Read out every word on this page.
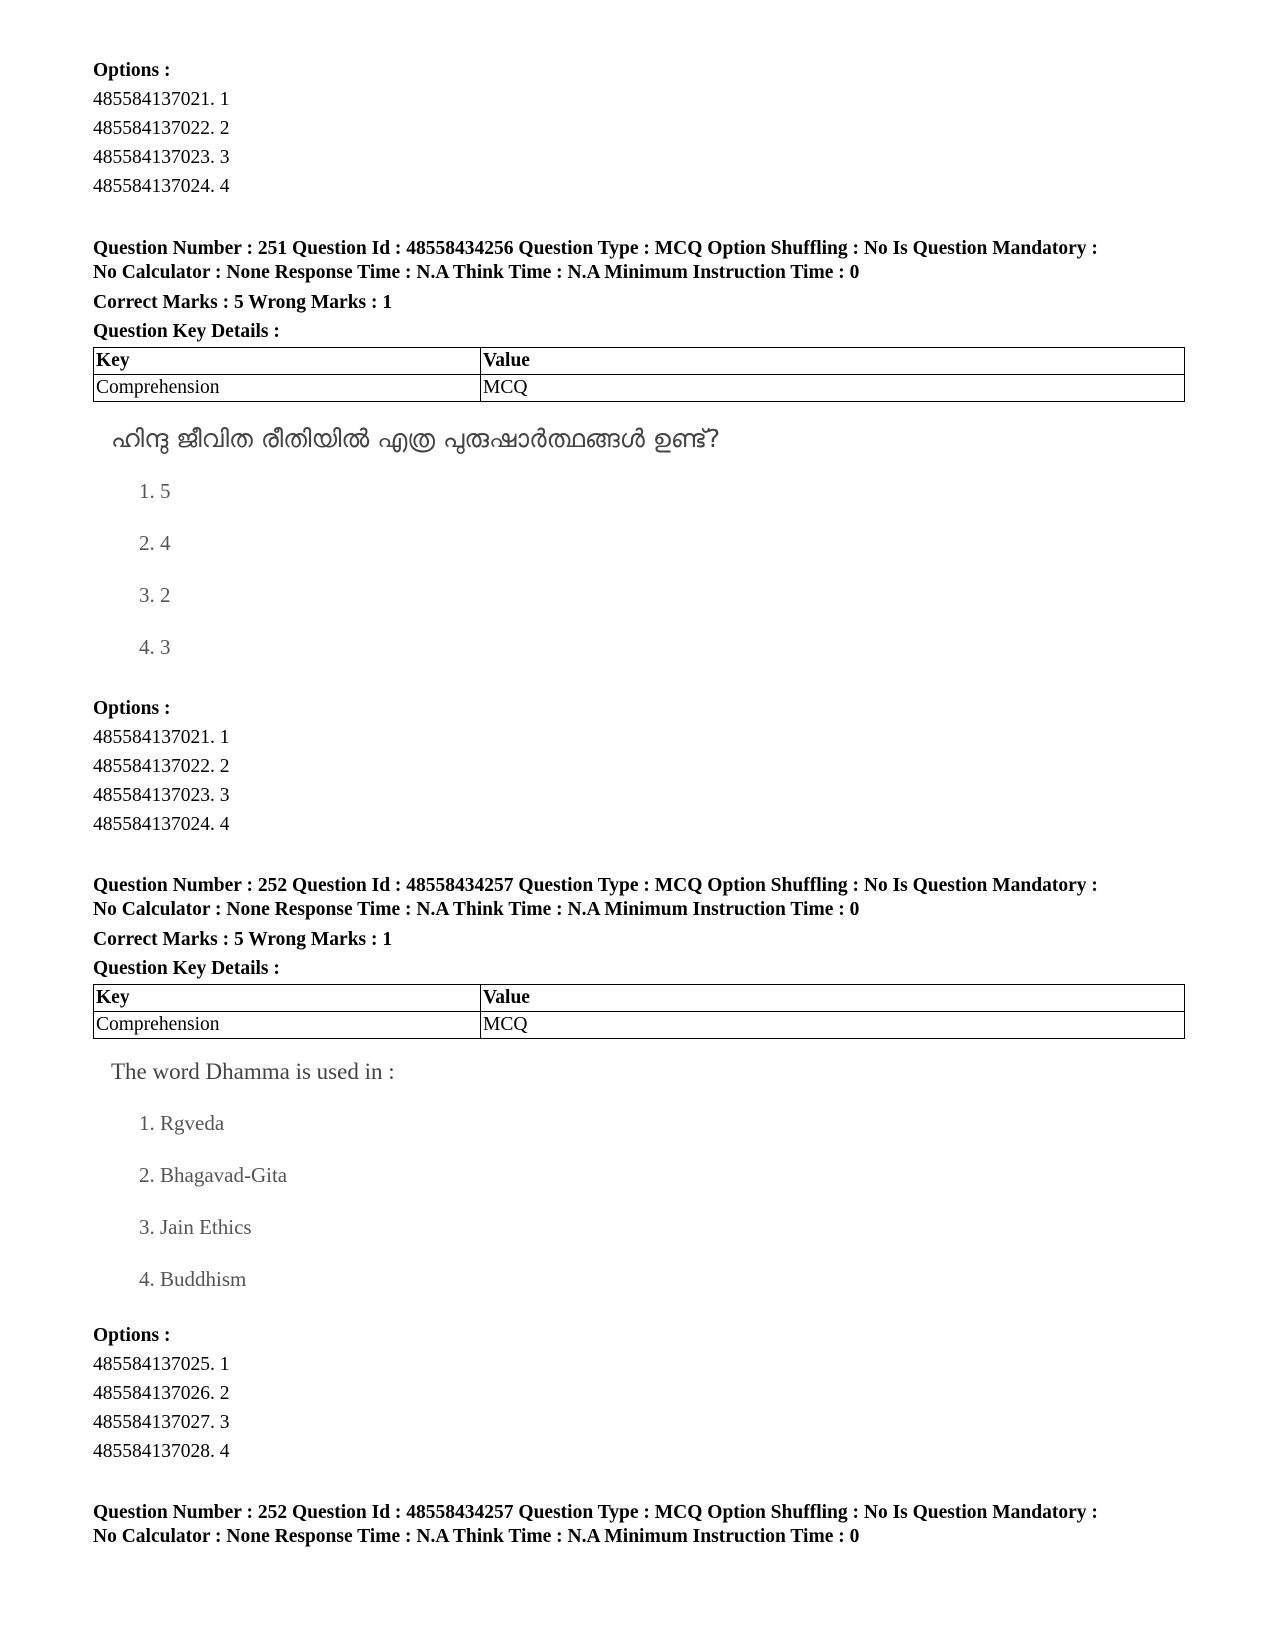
Options :
485584137021. 1
485584137022. 2
485584137023. 3
485584137024. 4
Question Number : 251 Question Id : 48558434256 Question Type : MCQ Option Shuffling : No Is Question Mandatory :
No Calculator : None Response Time : N.A Think Time : N.A Minimum Instruction Time : 0
Correct Marks : 5 Wrong Marks : 1
Question Key Details :
Key	Value
Comprehension	MCQ
ഹിന്ദു ജീവിത രീതിയിൽ എത്ര പുരുഷാർത്ഥങ്ങൾ ഉണ്ട്?
1. 5
2. 4
3. 2
4. 3
Options :
485584137021. 1
485584137022. 2
485584137023. 3
485584137024. 4
Question Number : 252 Question Id : 48558434257 Question Type : MCQ Option Shuffling : No Is Question Mandatory :
No Calculator : None Response Time : N.A Think Time : N.A Minimum Instruction Time : 0
Correct Marks : 5 Wrong Marks : 1
Question Key Details :
Key	Value
Comprehension	MCQ
The word Dhamma is used in :
1. Rgveda
2. Bhagavad-Gita
3. Jain Ethics
4. Buddhism
Options :
485584137025. 1
485584137026. 2
485584137027. 3
485584137028. 4
Question Number : 252 Question Id : 48558434257 Question Type : MCQ Option Shuffling : No Is Question Mandatory :
No Calculator : None Response Time : N.A Think Time : N.A Minimum Instruction Time : 0
